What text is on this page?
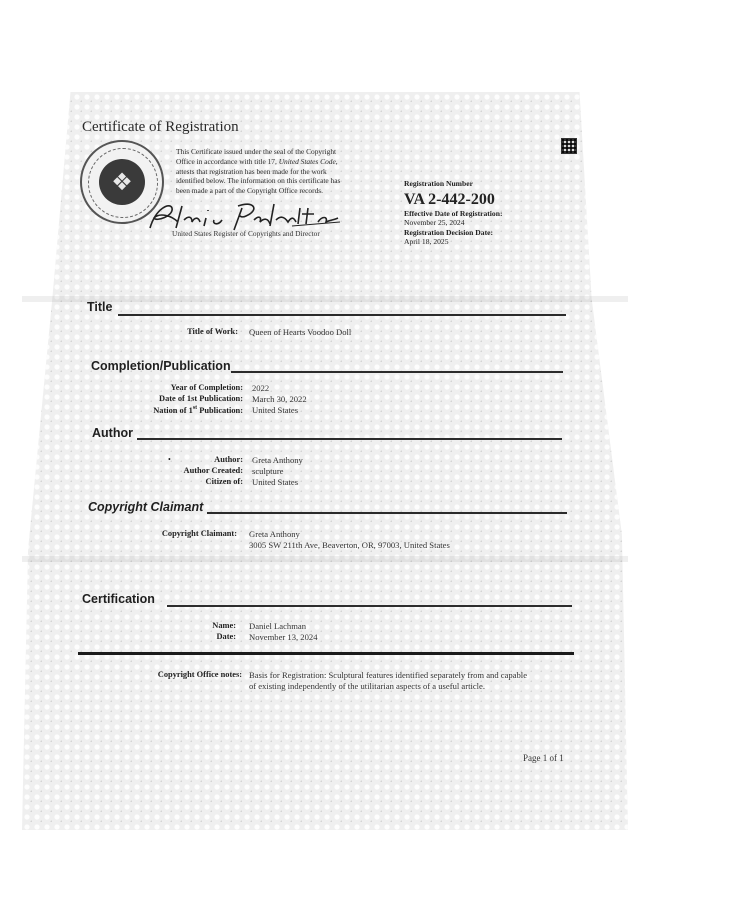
Certificate of Registration
❖
This Certificate issued under the seal of the Copyright
Office in accordance with title 17, United States Code,
attests that registration has been made for the work
identified below. The information on this certificate has
been made a part of the Copyright Office records.
United States Register of Copyrights and Director
Registration Number
VA 2-442-200
Effective Date of Registration:
November 25, 2024
Registration Decision Date:
April 18, 2025
Title
Title of Work: Queen of Hearts Voodoo Doll
Completion/Publication
Year of Completion: 2022
Date of 1st Publication: March 30, 2022
Nation of 1st Publication: United States
Author
•	Author: Greta Anthony
Author Created: sculpture
Citizen of: United States
Copyright Claimant
Copyright Claimant: Greta Anthony
3005 SW 211th Ave, Beaverton, OR, 97003, United States
Certification
Name: Daniel Lachman
Date: November 13, 2024
Copyright Office notes: Basis for Registration: Sculptural features identified separately from and capable
of existing independently of the utilitarian aspects of a useful article.
Page 1 of 1
